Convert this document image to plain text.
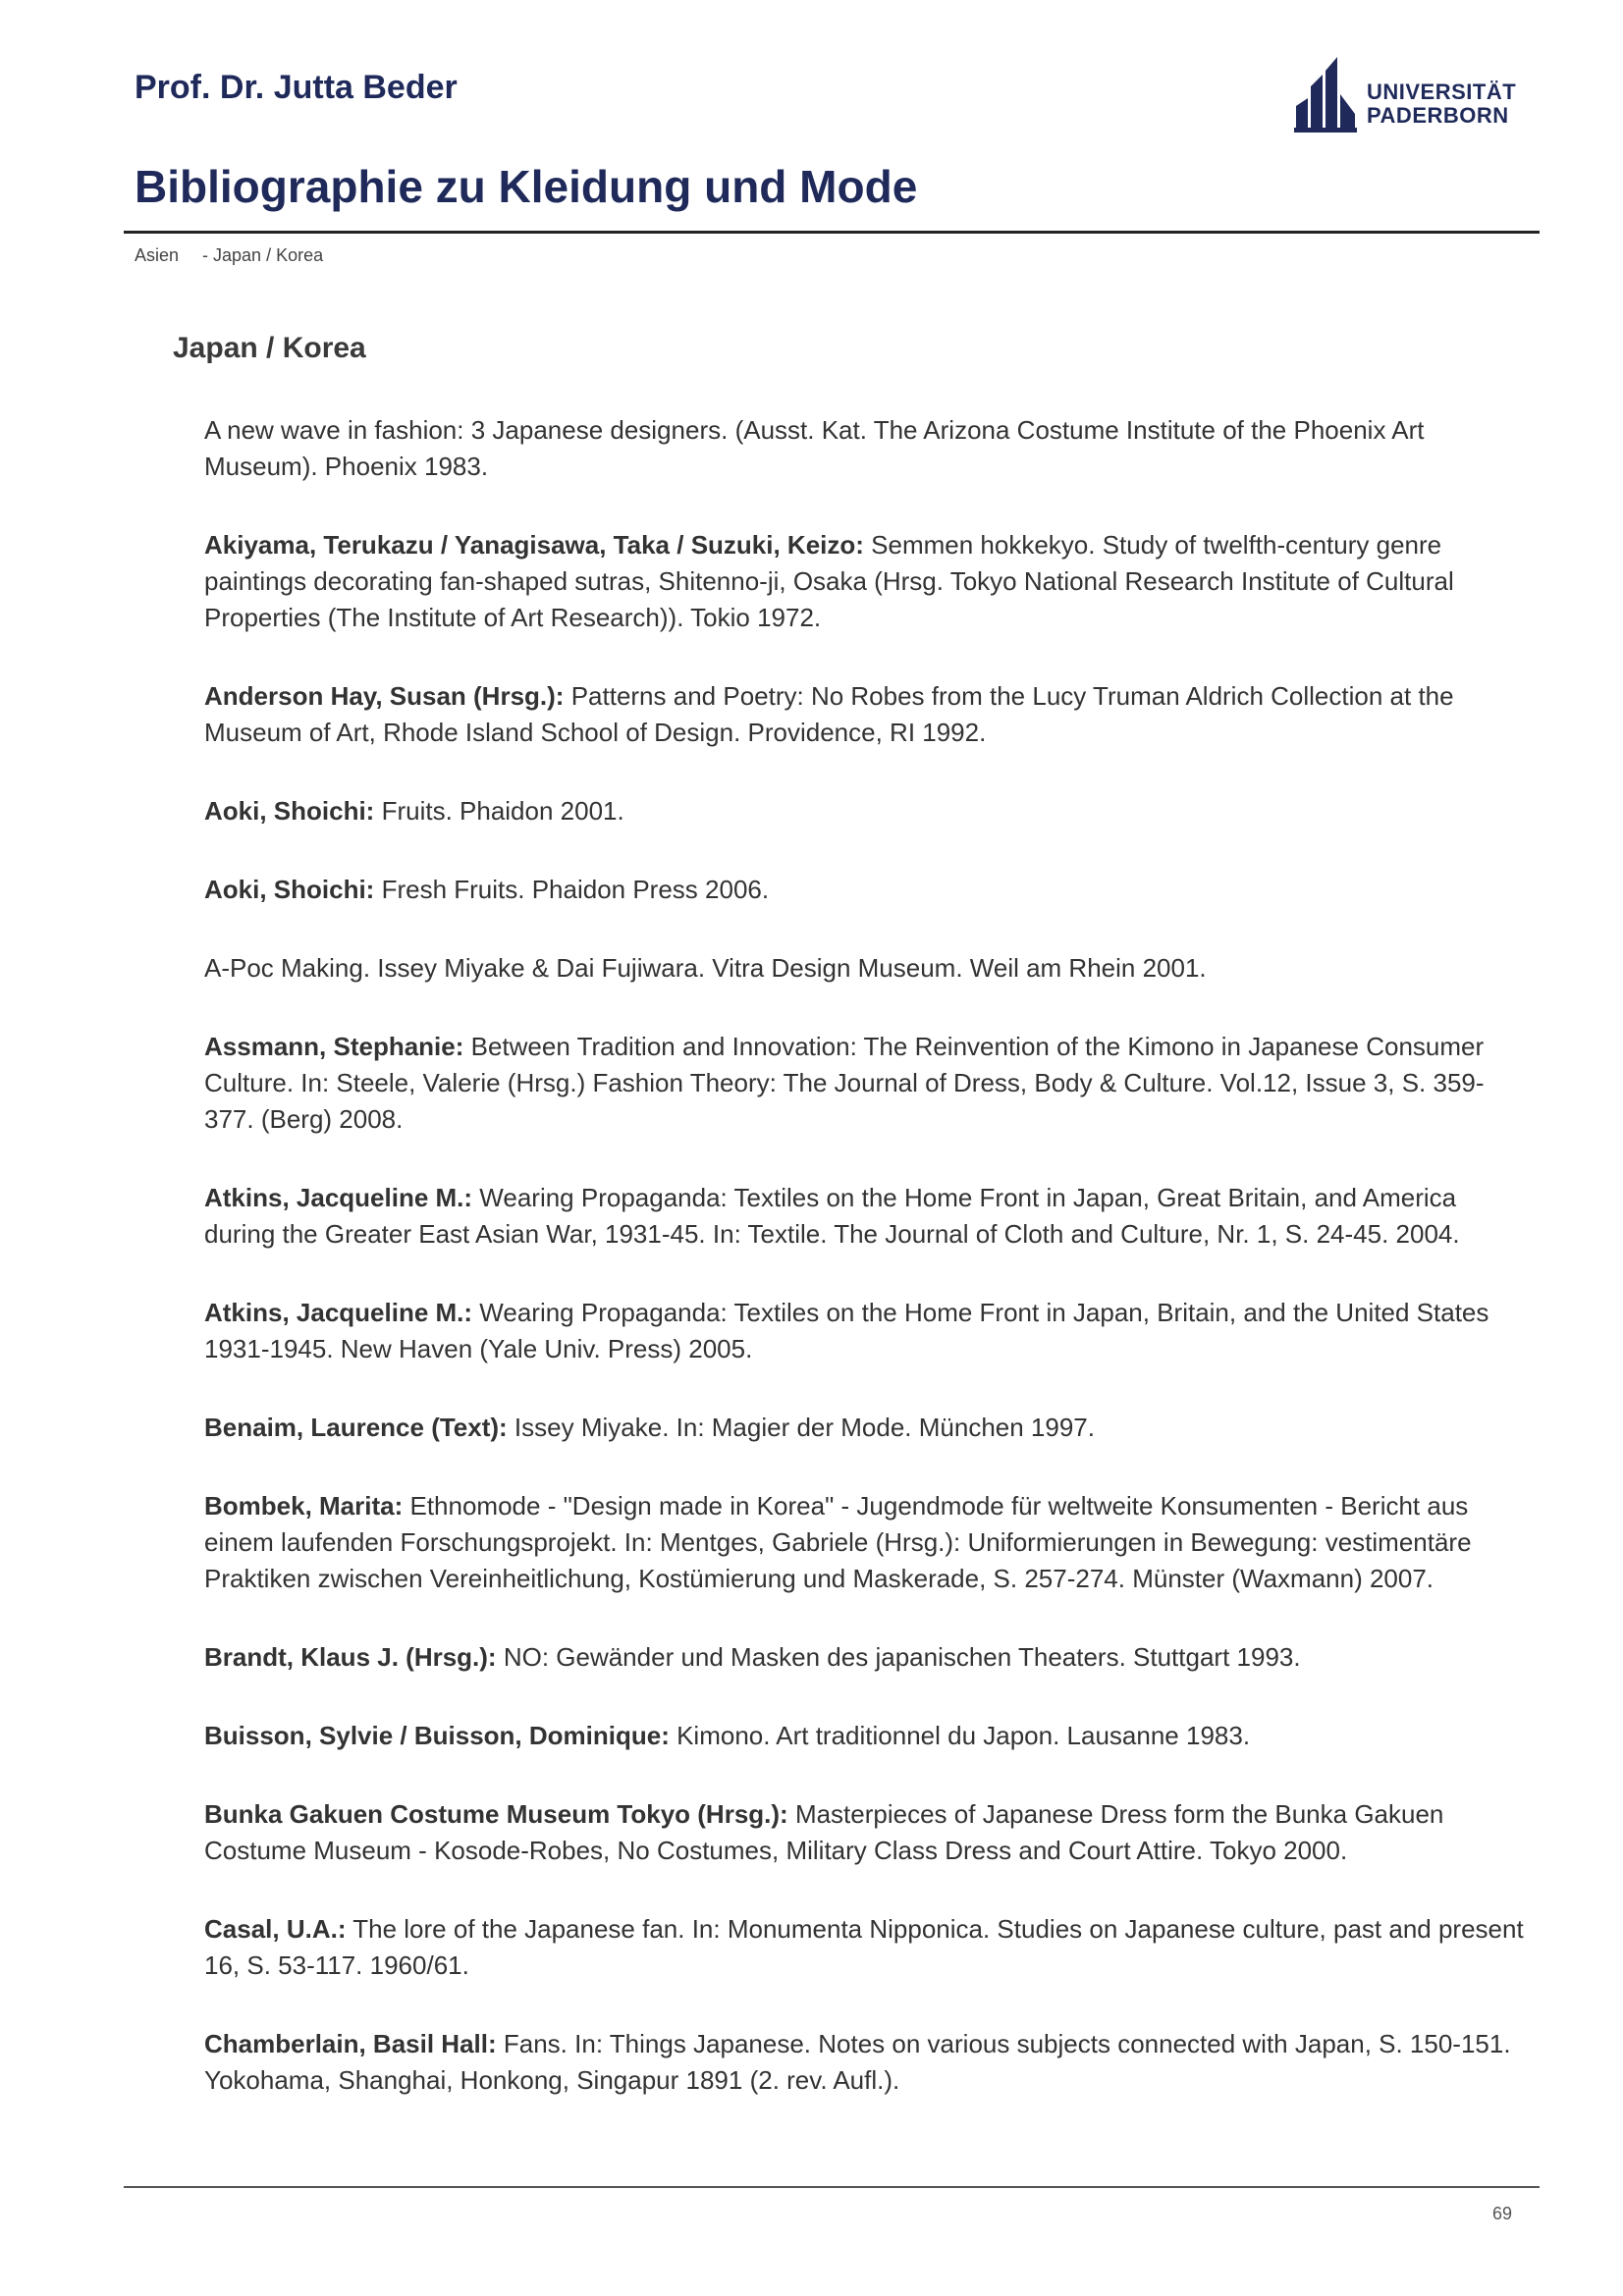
Prof. Dr. Jutta Beder	UNIVERSITÄT
PADERBORN
Bibliographie zu Kleidung und Mode
Asien - Japan / Korea
Japan / Korea

A new wave in fashion: 3 Japanese designers. (Ausst. Kat. The Arizona Costume Institute of the Phoenix Art Museum). Phoenix 1983.

Akiyama, Terukazu / Yanagisawa, Taka / Suzuki, Keizo: Semmen hokkekyo. Study of twelfth-century genre paintings decorating fan-shaped sutras, Shitenno-ji, Osaka (Hrsg. Tokyo National Research Institute of Cultural Properties (The Institute of Art Research)). Tokio 1972.

Anderson Hay, Susan (Hrsg.): Patterns and Poetry: No Robes from the Lucy Truman Aldrich Collection at the Museum of Art, Rhode Island School of Design. Providence, RI 1992.

Aoki, Shoichi: Fruits. Phaidon 2001.

Aoki, Shoichi: Fresh Fruits. Phaidon Press 2006.

A-Poc Making. Issey Miyake & Dai Fujiwara. Vitra Design Museum. Weil am Rhein 2001.

Assmann, Stephanie: Between Tradition and Innovation: The Reinvention of the Kimono in Japanese Consumer Culture. In: Steele, Valerie (Hrsg.) Fashion Theory: The Journal of Dress, Body & Culture. Vol.12, Issue 3, S. 359-377. (Berg) 2008.

Atkins, Jacqueline M.: Wearing Propaganda: Textiles on the Home Front in Japan, Great Britain, and America during the Greater East Asian War, 1931-45. In: Textile. The Journal of Cloth and Culture, Nr. 1, S. 24-45. 2004.

Atkins, Jacqueline M.: Wearing Propaganda: Textiles on the Home Front in Japan, Britain, and the United States 1931-1945. New Haven (Yale Univ. Press) 2005.

Benaim, Laurence (Text): Issey Miyake. In: Magier der Mode. München 1997.

Bombek, Marita: Ethnomode - "Design made in Korea" - Jugendmode für weltweite Konsumenten - Bericht aus einem laufenden Forschungsprojekt. In: Mentges, Gabriele (Hrsg.): Uniformierungen in Bewegung: vestimentäre Praktiken zwischen Vereinheitlichung, Kostümierung und Maskerade, S. 257-274. Münster (Waxmann) 2007.

Brandt, Klaus J. (Hrsg.): NO: Gewänder und Masken des japanischen Theaters. Stuttgart 1993.

Buisson, Sylvie / Buisson, Dominique: Kimono. Art traditionnel du Japon. Lausanne 1983.

Bunka Gakuen Costume Museum Tokyo (Hrsg.): Masterpieces of Japanese Dress form the Bunka Gakuen Costume Museum - Kosode-Robes, No Costumes, Military Class Dress and Court Attire. Tokyo 2000.

Casal, U.A.: The lore of the Japanese fan. In: Monumenta Nipponica. Studies on Japanese culture, past and present 16, S. 53-117. 1960/61.

Chamberlain, Basil Hall: Fans. In: Things Japanese. Notes on various subjects connected with Japan, S. 150-151. Yokohama, Shanghai, Honkong, Singapur 1891 (2. rev. Aufl.).

69
